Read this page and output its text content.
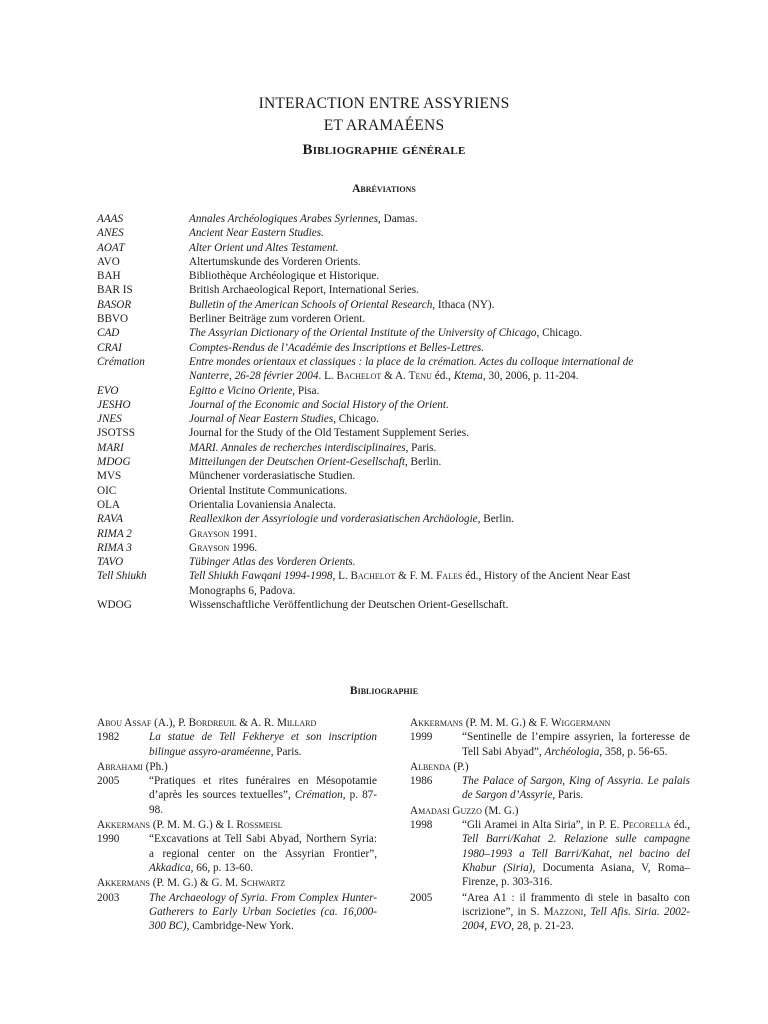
INTERACTION ENTRE ASSYRIENS
ET ARAMAÉENS
Bibliographie générale
Abréviations
AAAS	Annales Archéologiques Arabes Syriennes, Damas.
ANES	Ancient Near Eastern Studies.
AOAT	Alter Orient und Altes Testament.
AVO	Altertumskunde des Vorderen Orients.
BAH	Bibliothèque Archéologique et Historique.
BAR IS	British Archaeological Report, International Series.
BASOR	Bulletin of the American Schools of Oriental Research, Ithaca (NY).
BBVO	Berliner Beiträge zum vorderen Orient.
CAD	The Assyrian Dictionary of the Oriental Institute of the University of Chicago, Chicago.
CRAI	Comptes-Rendus de l’Académie des Inscriptions et Belles-Lettres.
Crémation	Entre mondes orientaux et classiques : la place de la crémation. Actes du colloque international de Nanterre, 26-28 février 2004. L. Bachelot & A. Tenu éd., Ktema, 30, 2006, p. 11-204.
EVO	Egitto e Vicino Oriente, Pisa.
JESHO	Journal of the Economic and Social History of the Orient.
JNES	Journal of Near Eastern Studies, Chicago.
JSOTSS	Journal for the Study of the Old Testament Supplement Series.
MARI	MARI. Annales de recherches interdisciplinaires, Paris.
MDOG	Mitteilungen der Deutschen Orient-Gesellschaft, Berlin.
MVS	Münchener vorderasiatische Studien.
OIC	Oriental Institute Communications.
OLA	Orientalia Lovaniensia Analecta.
RAVA	Reallexikon der Assyriologie und vorderasiatischen Archäologie, Berlin.
RIMA 2	Grayson 1991.
RIMA 3	Grayson 1996.
TAVO	Tübinger Atlas des Vorderen Orients.
Tell Shiukh	Tell Shiukh Fawqani 1994-1998, L. Bachelot & F. M. Fales éd., History of the Ancient Near East Monographs 6, Padova.
WDOG	Wissenschaftliche Veröffentlichung der Deutschen Orient-Gesellschaft.
Bibliographie
Abou Assaf (A.), P. Bordreuil & A. R. Millard
1982	La statue de Tell Fekherye et son inscription bilingue assyro-araméenne, Paris.
Abrahami (Ph.)
2005	“Pratiques et rites funéraires en Mésopotamie d’après les sources textuelles”, Crémation, p. 87-98.
Akkermans (P. M. M. G.) & I. Rossmeisl
1990	“Excavations at Tell Sabi Abyad, Northern Syria: a regional center on the Assyrian Frontier”, Akkadica, 66, p. 13-60.
Akkermans (P. M. G.) & G. M. Schwartz
2003	The Archaeology of Syria. From Complex Hunter-Gatherers to Early Urban Societies (ca. 16,000-300 BC), Cambridge-New York.
Akkermans (P. M. M. G.) & F. Wiggermann
1999	“Sentinelle de l’empire assyrien, la forteresse de Tell Sabi Abyad”, Archéologia, 358, p. 56-65.
Albenda (P.)
1986	The Palace of Sargon, King of Assyria. Le palais de Sargon d’Assyrie, Paris.
Amadasi Guzzo (M. G.)
1998	“Gli Aramei in Alta Siria”, in P. E. Pecorella éd., Tell Barri/Kahat 2. Relazione sulle campagne 1980–1993 a Tell Barri/Kahat, nel bacino del Khabur (Siria), Documenta Asiana, V, Roma–Firenze, p. 303-316.
2005	“Area A1 : il frammento di stele in basalto con iscrizione”, in S. Mazzoni, Tell Afis. Siria. 2002-2004, EVO, 28, p. 21-23.
